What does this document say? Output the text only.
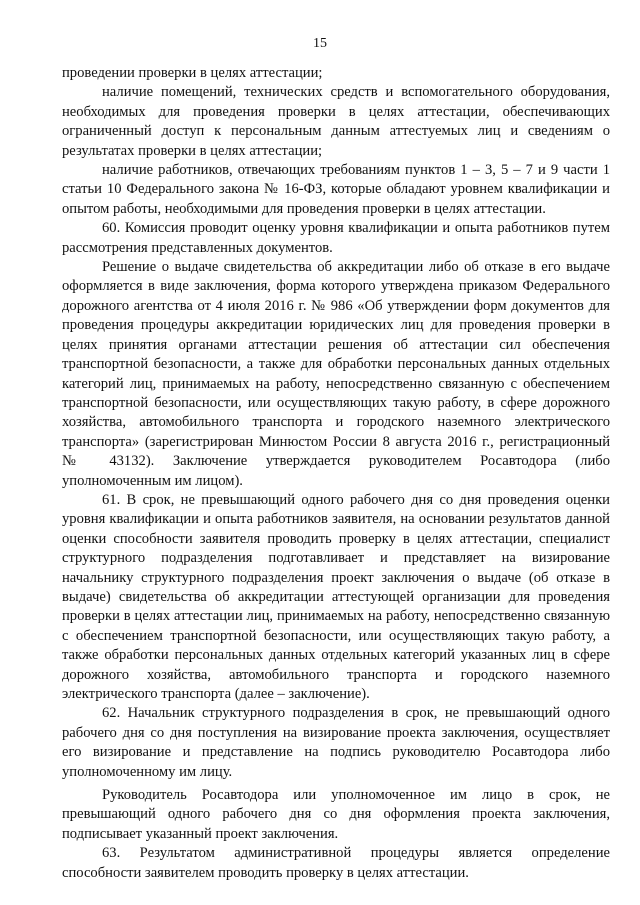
15

проведении проверки в целях аттестации;

наличие помещений, технических средств и вспомогательного оборудования, необходимых для проведения проверки в целях аттестации, обеспечивающих ограниченный доступ к персональным данным аттестуемых лиц и сведениям о результатах проверки в целях аттестации;

наличие работников, отвечающих требованиям пунктов 1 – 3, 5 – 7 и 9 части 1 статьи 10 Федерального закона № 16-ФЗ, которые обладают уровнем квалификации и опытом работы, необходимыми для проведения проверки в целях аттестации.

60. Комиссия проводит оценку уровня квалификации и опыта работников путем рассмотрения представленных документов.

Решение о выдаче свидетельства об аккредитации либо об отказе в его выдаче оформляется в виде заключения, форма которого утверждена приказом Федерального дорожного агентства от 4 июля 2016 г. № 986 «Об утверждении форм документов для проведения процедуры аккредитации юридических лиц для проведения проверки в целях принятия органами аттестации решения об аттестации сил обеспечения транспортной безопасности, а также для обработки персональных данных отдельных категорий лиц, принимаемых на работу, непосредственно связанную с обеспечением транспортной безопасности, или осуществляющих такую работу, в сфере дорожного хозяйства, автомобильного транспорта и городского наземного электрического транспорта» (зарегистрирован Минюстом России 8 августа 2016 г., регистрационный № 43132). Заключение утверждается руководителем Росавтодора (либо уполномоченным им лицом).

61. В срок, не превышающий одного рабочего дня со дня проведения оценки уровня квалификации и опыта работников заявителя, на основании результатов данной оценки способности заявителя проводить проверку в целях аттестации, специалист структурного подразделения подготавливает и представляет на визирование начальнику структурного подразделения проект заключения о выдаче (об отказе в выдаче) свидетельства об аккредитации аттестующей организации для проведения проверки в целях аттестации лиц, принимаемых на работу, непосредственно связанную с обеспечением транспортной безопасности, или осуществляющих такую работу, а также обработки персональных данных отдельных категорий указанных лиц в сфере дорожного хозяйства, автомобильного транспорта и городского наземного электрического транспорта (далее – заключение).

62. Начальник структурного подразделения в срок, не превышающий одного рабочего дня со дня поступления на визирование проекта заключения, осуществляет его визирование и представление на подпись руководителю Росавтодора либо уполномоченному им лицу.

Руководитель Росавтодора или уполномоченное им лицо в срок, не превышающий одного рабочего дня со дня оформления проекта заключения, подписывает указанный проект заключения.

63. Результатом административной процедуры является определение способности заявителем проводить проверку в целях аттестации.
